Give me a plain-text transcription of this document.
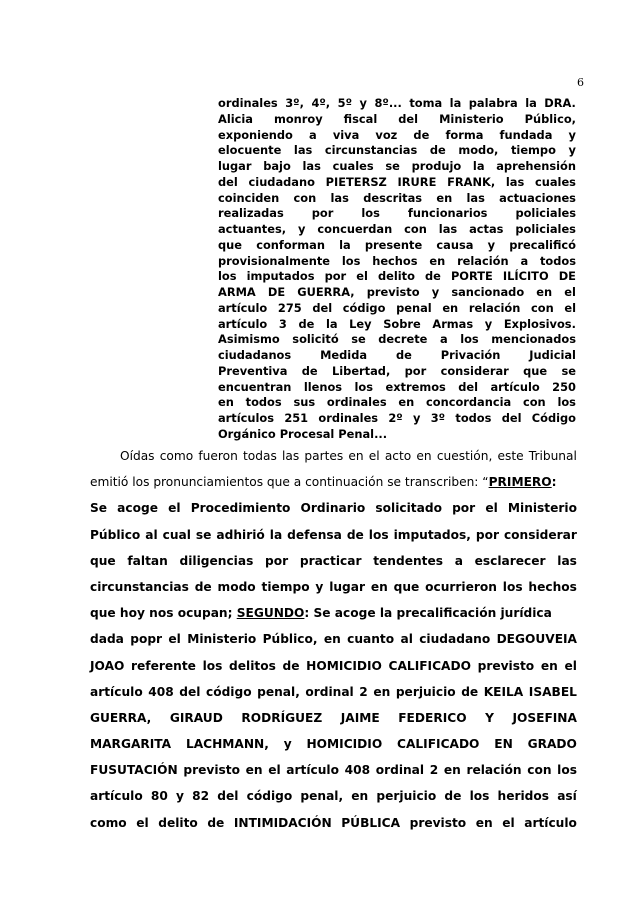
6
ordinales 3º, 4º, 5º y 8º... toma la palabra la DRA.
Alicia monroy fiscal del Ministerio Público,
exponiendo a viva voz de forma fundada y
elocuente las circunstancias de modo, tiempo y
lugar bajo las cuales se produjo la aprehensión
del ciudadano PIETERSZ IRURE FRANK, las cuales
coinciden con las descritas en las actuaciones
realizadas por los funcionarios policiales
actuantes, y concuerdan con las actas policiales
que conforman la presente causa y precalificó
provisionalmente los hechos en relación a todos
los imputados por el delito de PORTE ILÍCITO DE
ARMA DE GUERRA, previsto y sancionado en el
artículo 275 del código penal en relación con el
artículo 3 de la Ley Sobre Armas y Explosivos.
Asimismo solicitó se decrete a los mencionados
ciudadanos	Medida	de	Privación	Judicial
Preventiva de Libertad, por considerar que se
encuentran llenos los extremos del artículo 250
en todos sus ordinales en concordancia con los
artículos 251 ordinales 2º y 3º todos del Código
Orgánico Procesal Penal...
Oídas como fueron todas las partes en el acto en cuestión, este Tribunal
emitió los pronunciamientos que a continuación se transcriben: “ PRIMERO :
Se acoge el Procedimiento Ordinario solicitado por el Ministerio
Público al cual se adhirió la defensa de los imputados, por considerar
que faltan diligencias por practicar tendentes a esclarecer las
circunstancias de modo tiempo y lugar en que ocurrieron los hechos
que hoy nos ocupan; SEGUNDO : Se acoge la precalificación jurídica
dada popr el Ministerio Público, en cuanto al ciudadano DEGOUVEIA
JOAO referente los delitos de HOMICIDIO CALIFICADO previsto en el
artículo 408 del código penal, ordinal 2 en perjuicio de KEILA ISABEL
GUERRA, GIRAUD RODRÍGUEZ JAIME FEDERICO Y JOSEFINA
MARGARITA LACHMANN, y HOMICIDIO CALIFICADO EN GRADO
FUSUTACIÓN previsto en el artículo 408 ordinal 2 en relación con los
artículo 80 y 82 del código penal, en perjuicio de los heridos así
como el delito de INTIMIDACIÓN PÚBLICA previsto en el artículo
